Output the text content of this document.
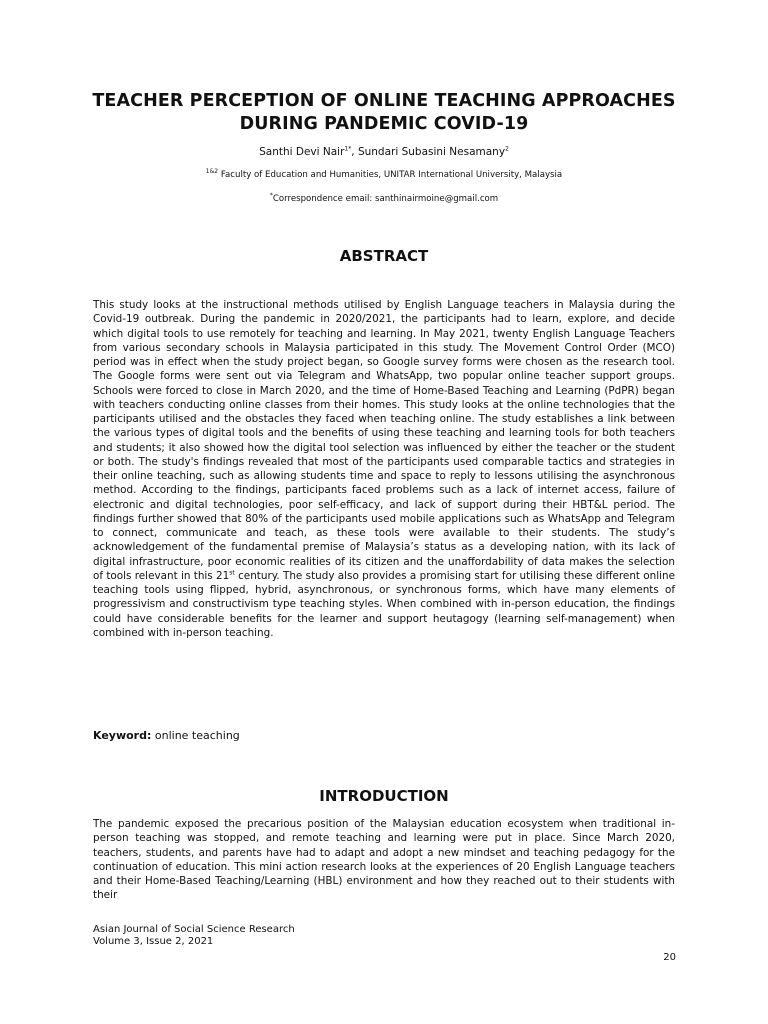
TEACHER PERCEPTION OF ONLINE TEACHING APPROACHES DURING PANDEMIC COVID-19

Santhi Devi Nair$^{1*}$, Sundari Subasini Nesamany$^2$

$^{1\&2}$ Faculty of Education and Humanities, UNITAR International University, Malaysia

*Correspondence email: santhinairmoine@gmail.com

ABSTRACT

This study looks at the instructional methods utilised by English Language teachers in Malaysia during the Covid-19 outbreak. During the pandemic in 2020/2021, the participants had to learn, explore, and decide which digital tools to use remotely for teaching and learning. In May 2021, twenty English Language Teachers from various secondary schools in Malaysia participated in this study. The Movement Control Order (MCO) period was in effect when the study project began, so Google survey forms were chosen as the research tool. The Google forms were sent out via Telegram and WhatsApp, two popular online teacher support groups. Schools were forced to close in March 2020, and the time of Home-Based Teaching and Learning (PdPR) began with teachers conducting online classes from their homes. This study looks at the online technologies that the participants utilised and the obstacles they faced when teaching online. The study establishes a link between the various types of digital tools and the benefits of using these teaching and learning tools for both teachers and students; it also showed how the digital tool selection was influenced by either the teacher or the student or both. The study's findings revealed that most of the participants used comparable tactics and strategies in their online teaching, such as allowing students time and space to reply to lessons utilising the asynchronous method. According to the findings, participants faced problems such as a lack of internet access, failure of electronic and digital technologies, poor self-efficacy, and lack of support during their HBT&L period. The findings further showed that 80% of the participants used mobile applications such as WhatsApp and Telegram to connect, communicate and teach, as these tools were available to their students. The study’s acknowledgement of the fundamental premise of Malaysia’s status as a developing nation, with its lack of digital infrastructure, poor economic realities of its citizen and the unaffordability of data makes the selection of tools relevant in this 21st century. The study also provides a promising start for utilising these different online teaching tools using flipped, hybrid, asynchronous, or synchronous forms, which have many elements of progressivism and constructivism type teaching styles. When combined with in-person education, the findings could have considerable benefits for the learner and support heutagogy (learning self-management) when combined with in-person teaching.

Keyword: online teaching

INTRODUCTION

The pandemic exposed the precarious position of the Malaysian education ecosystem when traditional in-person teaching was stopped, and remote teaching and learning were put in place. Since March 2020, teachers, students, and parents have had to adapt and adopt a new mindset and teaching pedagogy for the continuation of education. This mini action research looks at the experiences of 20 English Language teachers and their Home-Based Teaching/Learning (HBL) environment and how they reached out to their students with their

Asian Journal of Social Science Research

Volume 3, Issue 2, 2021

20
